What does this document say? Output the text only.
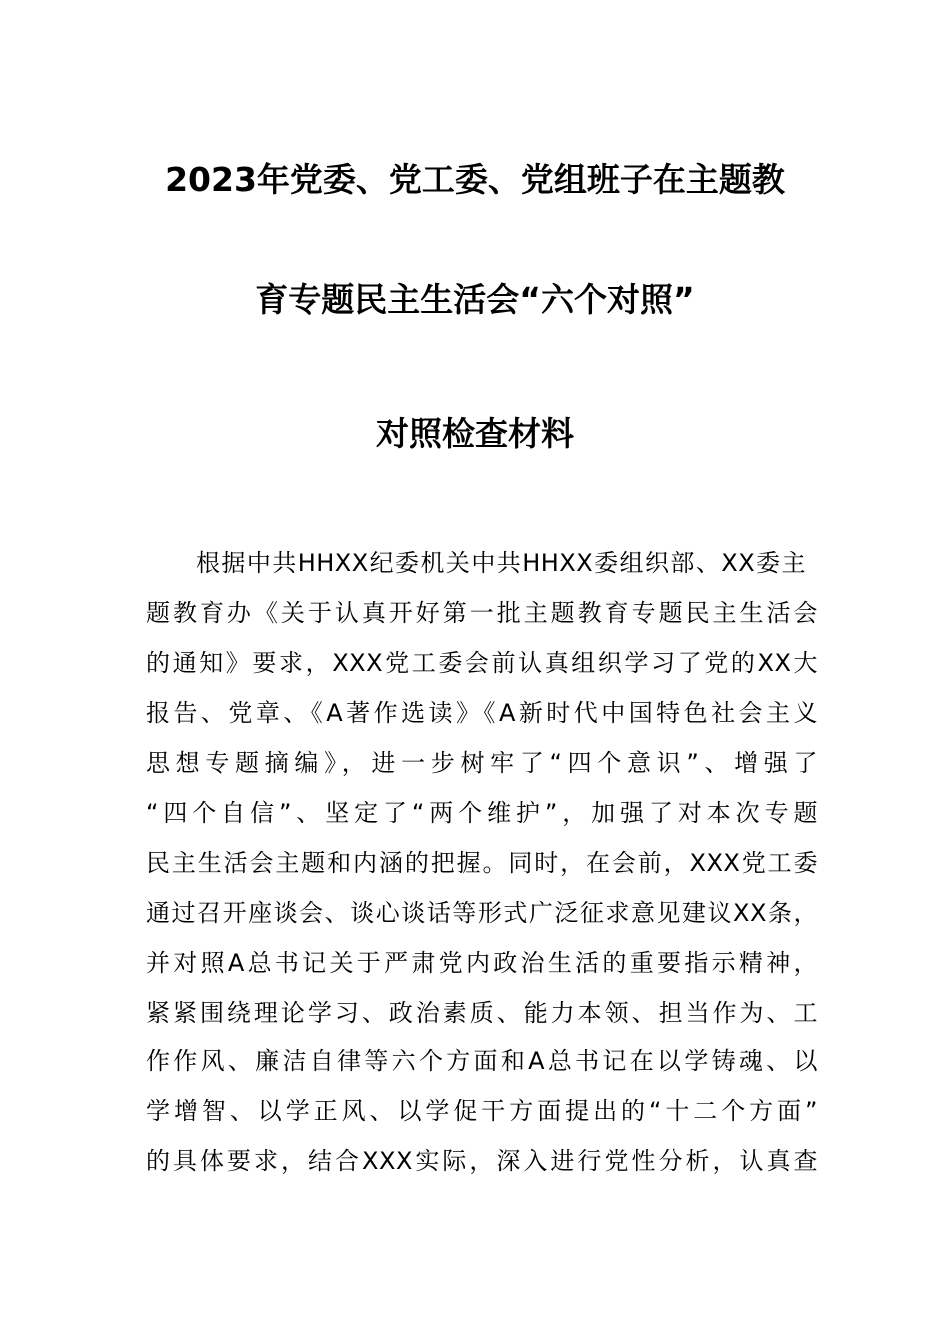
2023年党委、党工委、党组班子在主题教
育专题民主生活会“六个对照”
对照检查材料
根据中共HHXX纪委机关中共HHXX委组织部、XX委主
题教育办《关于认真开好第一批主题教育专题民主生活会
的通知》要求，XXX党工委会前认真组织学习了党的XX大
报告、党章、《A著作选读》《A新时代中国特色社会主义
思想专题摘编》，进一步树牢了“四个意识”、增强了
“四个自信”、坚定了“两个维护”，加强了对本次专题
民主生活会主题和内涵的把握。同时，在会前，XXX党工委
通过召开座谈会、谈心谈话等形式广泛征求意见建议XX条，
并对照A总书记关于严肃党内政治生活的重要指示精神，
紧紧围绕理论学习、政治素质、能力本领、担当作为、工
作作风、廉洁自律等六个方面和A总书记在以学铸魂、以
学增智、以学正风、以学促干方面提出的“十二个方面”
的具体要求，结合XXX实际，深入进行党性分析，认真查
